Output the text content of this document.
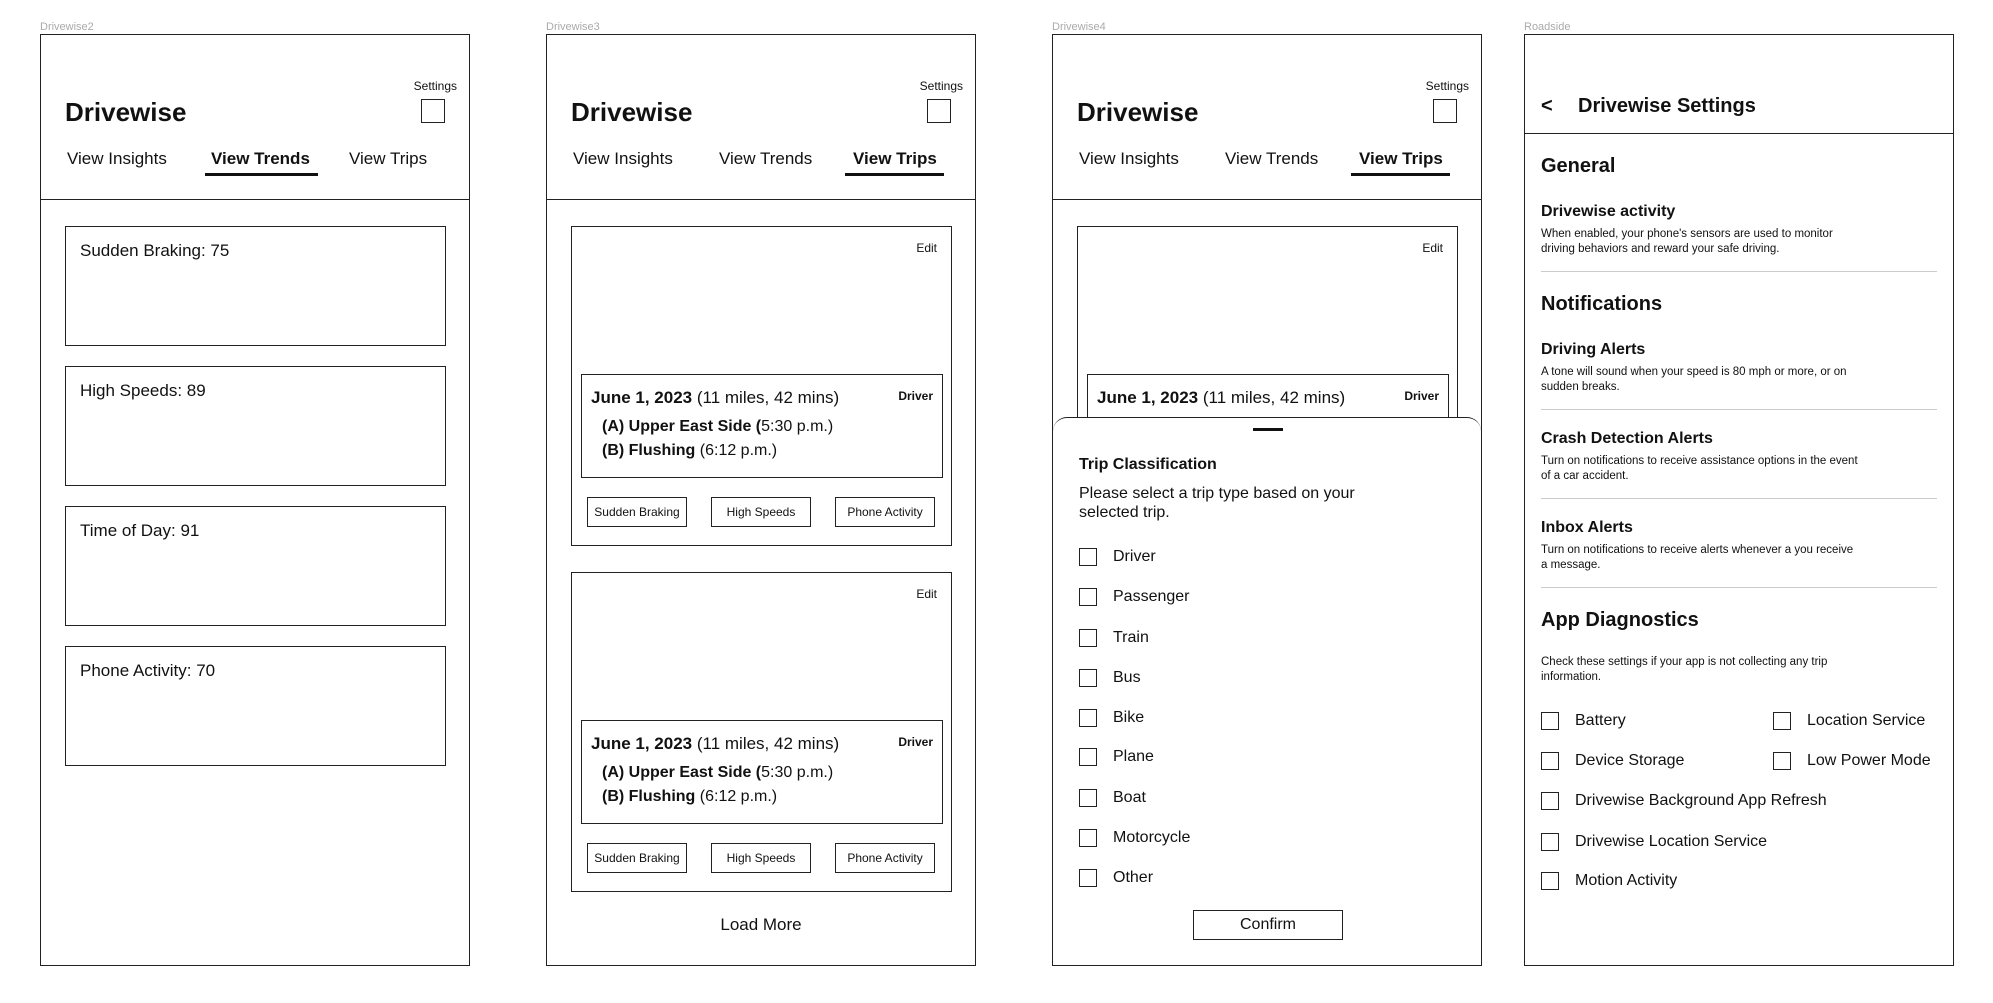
Drivewise2
Drivewise
Settings
View Insights	View Trends View Trips
Sudden Braking: 75
High Speeds: 89
Time of Day: 91
Phone Activity: 70
Drivewise3
Drivewise
Settings
View Insights	View Trends View Trips
Edit
June 1, 2023 (11 miles, 42 mins)	Driver
(A) Upper East Side (5:30 p.m.)
(B) Flushing (6:12 p.m.)
Sudden Braking	High Speeds	Phone Activity
Edit
June 1, 2023 (11 miles, 42 mins)	Driver
(A) Upper East Side (5:30 p.m.)
(B) Flushing (6:12 p.m.)
Sudden Braking	High Speeds	Phone Activity
Load More
Drivewise4
Drivewise
Settings
View Insights	View Trends View Trips
Edit
June 1, 2023 (11 miles, 42 mins)	Driver
Trip Classification
Please select a trip type based on your selected trip.
Driver
Passenger
Train
Bus
Bike
Plane
Boat
Motorcycle
Other
Confirm
Roadside
< Drivewise Settings
General
Drivewise activity
When enabled, your phone's sensors are used to monitor driving behaviors and reward your safe driving.
Notifications
Driving Alerts
A tone will sound when your speed is 80 mph or more, or on sudden breaks.
Crash Detection Alerts
Turn on notifications to receive assistance options in the event of a car accident.
Inbox Alerts
Turn on notifications to receive alerts whenever a you receive a message.
App Diagnostics
Check these settings if your app is not collecting any trip information.
Battery	Location Service
Device Storage	Low Power Mode
Drivewise Background App Refresh
Drivewise Location Service
Motion Activity
